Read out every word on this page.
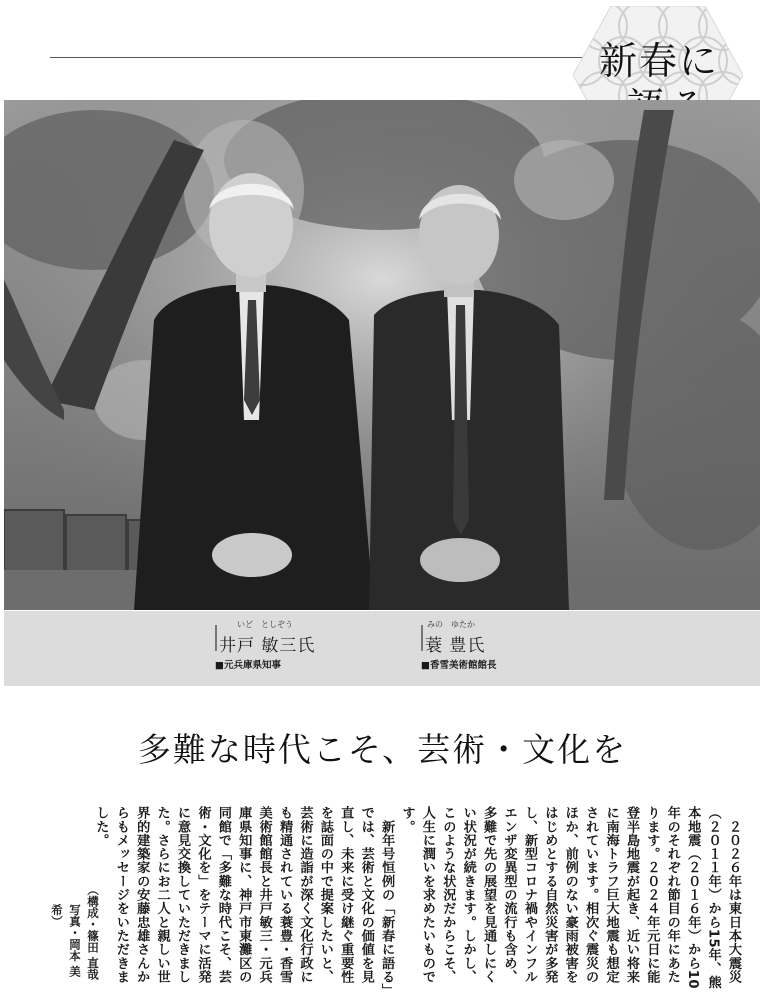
新春に
いど　としぞう
井戸 敏三氏
■元兵庫県知事
みの　ゆたか
蓑 豊氏
■香雪美術館館長
多難な時代こそ、芸術・文化を

　２０２６年は東日本大震災（２０１１年）から15年、熊本地震（２０１６年）から10年のそれぞれ節目の年にあたります。２０２４年元日に能登半島地震が起き、近い将来に南海トラフ巨大地震も想定されています。相次ぐ震災のほか、前例のない豪雨被害をはじめとする自然災害が多発し、新型コロナ禍やインフルエンザ変異型の流行も含め、多難で先の展望を見通しにくい状況が続きます。しかし、このような状況だからこそ、人生に潤いを求めたいものです。

　新年号恒例の「新春に語る」では、芸術と文化の価値を見直し、未来に受け継ぐ重要性を誌面の中で提案したいと、芸術に造詣が深く文化行政にも精通されている蓑豊・香雪美術館館長と井戸敏三・元兵庫県知事に、神戸市東灘区の同館で「多難な時代こそ、芸術・文化を」をテーマに活発に意見交換していただきました。さらにお二人と親しい世界的建築家の安藤忠雄さんからもメッセージをいただきました。

（構成・篠田 直哉

写真・岡本 美希）
